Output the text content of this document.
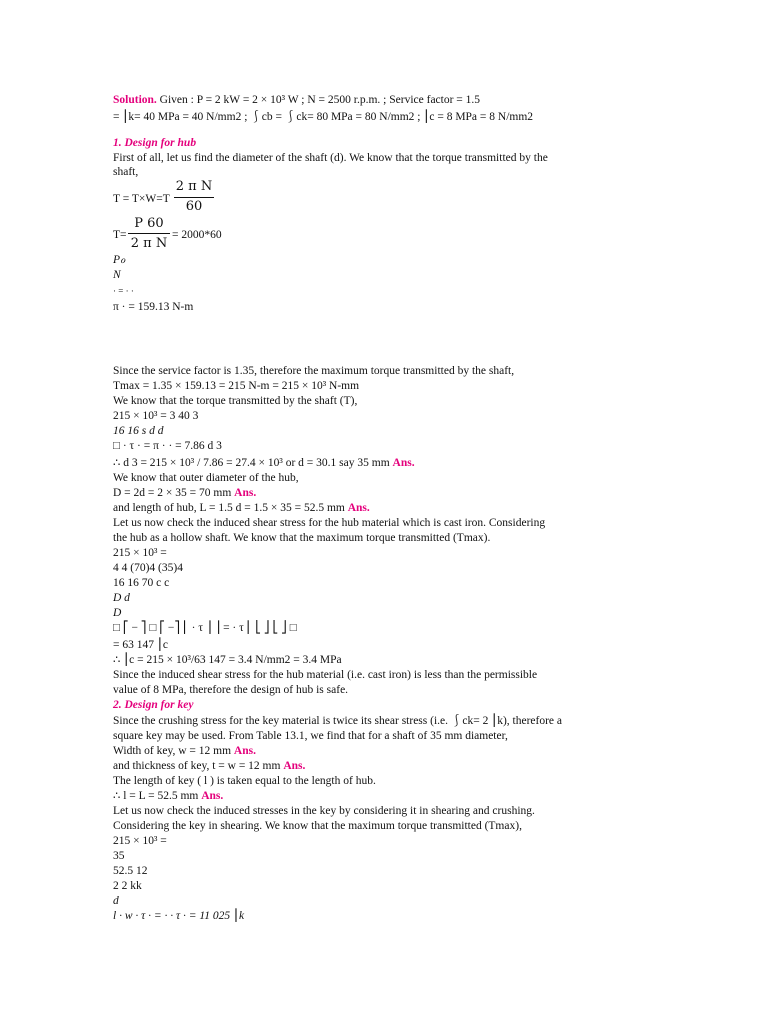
Solution. Given : P = 2 kW = 2 × 10³ W ; N = 2500 r.p.m. ; Service factor = 1.5
= ⎮k= 40 MPa = 40 N/mm2 ; ⎰cb = ⎰ck= 80 MPa = 80 N/mm2 ; ⎮c = 8 MPa = 8 N/mm2
1. Design for hub
First of all, let us find the diameter of the shaft (d). We know that the torque transmitted by the
shaft,
T = T×W=T
2 π N
60
T=
P 60
2 π N
= 2000*60
Pℴ
N
· = · ·
π · = 159.13 N-m
Since the service factor is 1.35, therefore the maximum torque transmitted by the shaft,
Tmax = 1.35 × 159.13 = 215 N-m = 215 × 10³ N-mm
We know that the torque transmitted by the shaft (T),
215 × 10³ = 3 40 3
16 16 s d d
□ · τ · = π · · = 7.86 d 3
∴ d 3 = 215 × 10³ / 7.86 = 27.4 × 10³ or d = 30.1 say 35 mm Ans.
We know that outer diameter of the hub,
D = 2d = 2 × 35 = 70 mm Ans.
and length of hub, L = 1.5 d = 1.5 × 35 = 52.5 mm Ans.
Let us now check the induced shear stress for the hub material which is cast iron. Considering
the hub as a hollow shaft. We know that the maximum torque transmitted (Tmax).
215 × 10³ =
4 4 (70)4 (35)4
16 16 70 c c
D d
D
□ ⎡ − ⎤ □ ⎡ −⎤ ⎢ · τ ⎥ ⎥ = · τ ⎢ ⎣ ⎦ ⎣ ⎦ □
= 63 147 ⎮c
∴ ⎮c = 215 × 10³/63 147 = 3.4 N/mm2 = 3.4 MPa
Since the induced shear stress for the hub material (i.e. cast iron) is less than the permissible
value of 8 MPa, therefore the design of hub is safe.
2. Design for key
Since the crushing stress for the key material is twice its shear stress (i.e. ⎰ck= 2 ⎮k), therefore a
square key may be used. From Table 13.1, we find that for a shaft of 35 mm diameter,
Width of key, w = 12 mm Ans.
and thickness of key, t = w = 12 mm Ans.
The length of key ( l ) is taken equal to the length of hub.
∴ l = L = 52.5 mm Ans.
Let us now check the induced stresses in the key by considering it in shearing and crushing.
Considering the key in shearing. We know that the maximum torque transmitted (Tmax),
215 × 10³ =
35
52.5 12
2 2 kk
d
l · w · τ · = · · τ · = 11 025 ⎮k
